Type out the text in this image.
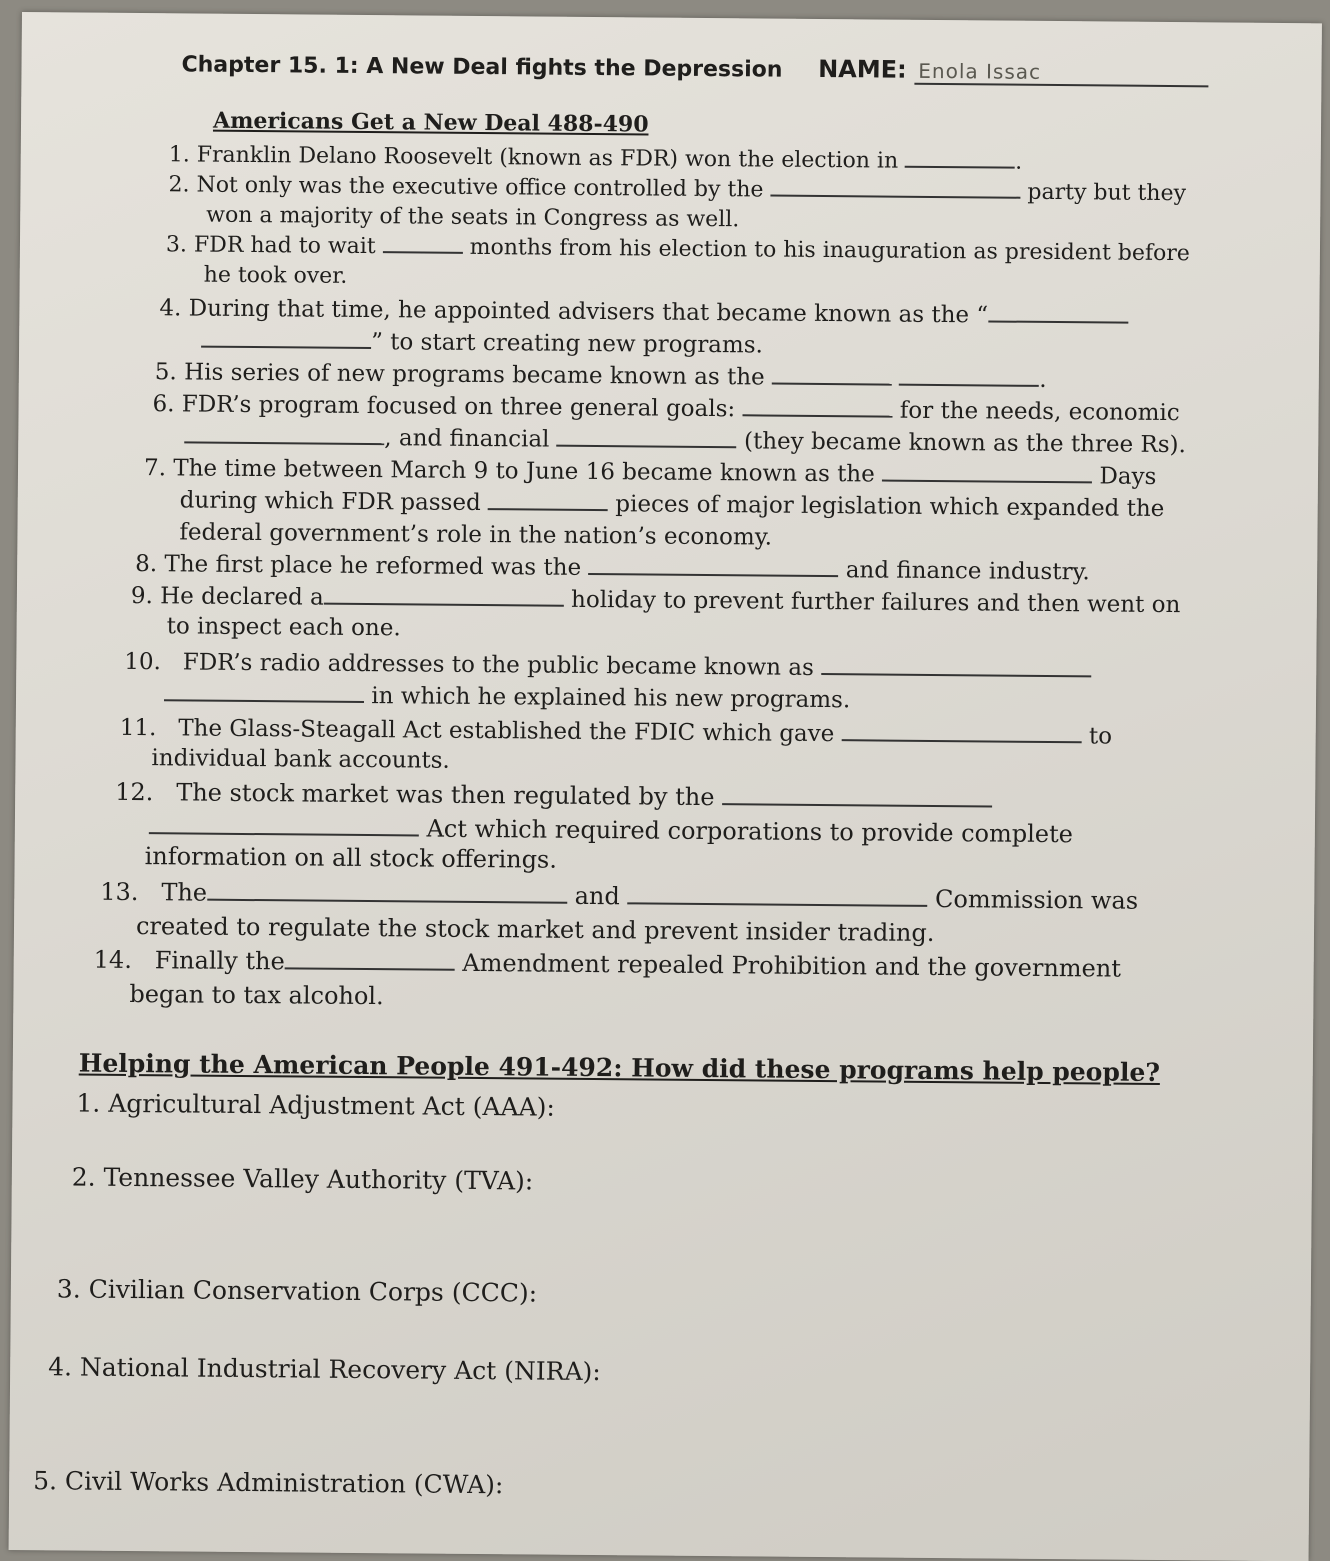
Chapter 15. 1: A New Deal fights the Depression NAME: Enola Issac
Americans Get a New Deal 488-490
1. Franklin Delano Roosevelt (known as FDR) won the election in	.
2. Not only was the executive office controlled by the	party but they
won a majority of the seats in Congress as well.
3. FDR had to wait	months from his election to his inauguration as president before
he took over.
4. During that time, he appointed advisers that became known as the “
” to start creating new programs.
5. His series of new programs became known as the	.
6. FDR’s program focused on three general goals:	for the needs, economic
, and financial	(they became known as the three Rs).
7. The time between March 9 to June 16 became known as the	Days
during which FDR passed	pieces of major legislation which expanded the
federal government’s role in the nation’s economy.
8. The first place he reformed was the	and finance industry.
9. He declared a	holiday to prevent further failures and then went on
to inspect each one.
10. FDR’s radio addresses to the public became known as
in which he explained his new programs.
11. The Glass-Steagall Act established the FDIC which gave	to
individual bank accounts.
12. The stock market was then regulated by the
Act which required corporations to provide complete
information on all stock offerings.
13. The	and	Commission was
created to regulate the stock market and prevent insider trading.
14. Finally the	Amendment repealed Prohibition and the government
began to tax alcohol.
Helping the American People 491-492: How did these programs help people?
1. Agricultural Adjustment Act (AAA):
2. Tennessee Valley Authority (TVA):
3. Civilian Conservation Corps (CCC):
4. National Industrial Recovery Act (NIRA):
5. Civil Works Administration (CWA):
